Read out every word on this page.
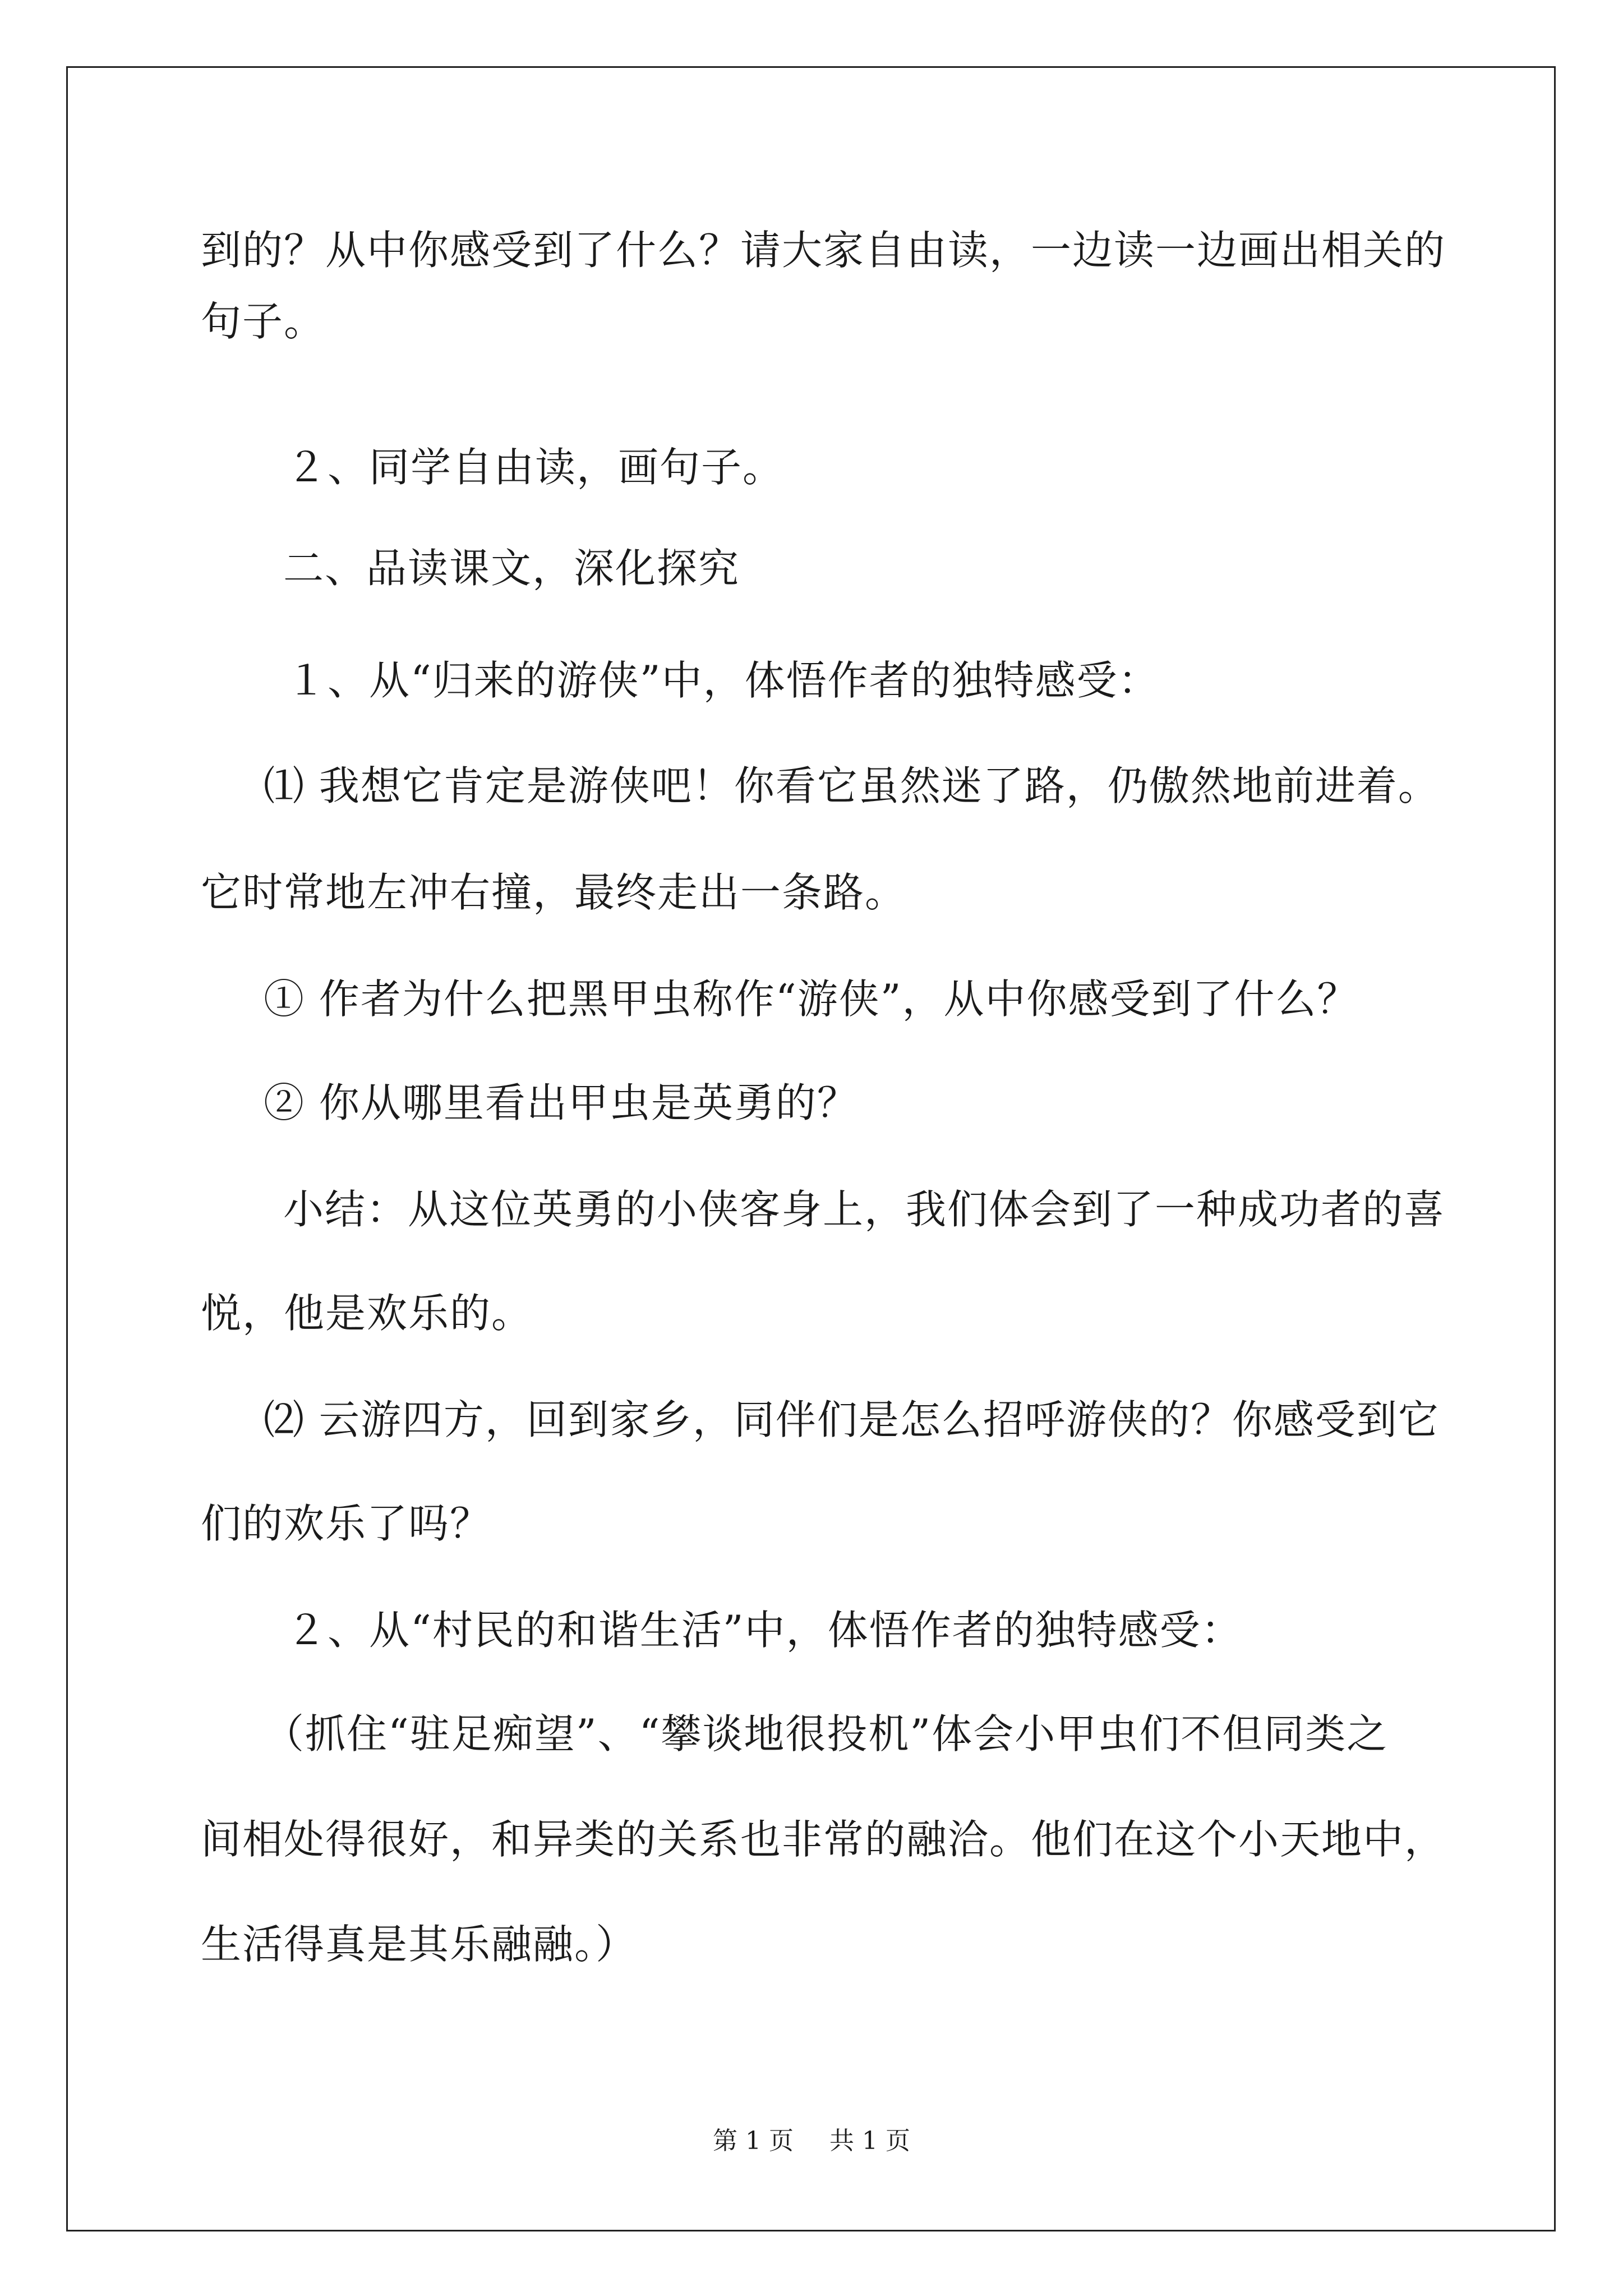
到的？从中你感受到了什么？请大家自由读，一边读一边画出相关的
句子。
２、同学自由读，画句子。
二、品读课文，深化探究
１、从“归来的游侠”中，体悟作者的独特感受：
⑴ 我想它肯定是游侠吧！你看它虽然迷了路，仍傲然地前进着。
它时常地左冲右撞，最终走出一条路。
① 作者为什么把黑甲虫称作“游侠”，从中你感受到了什么？
② 你从哪里看出甲虫是英勇的？
小结：从这位英勇的小侠客身上，我们体会到了一种成功者的喜
悦，他是欢乐的。
⑵ 云游四方，回到家乡，同伴们是怎么招呼游侠的？你感受到它
们的欢乐了吗？
２、从“村民的和谐生活”中，体悟作者的独特感受：
（抓住“驻足痴望”、“攀谈地很投机”体会小甲虫们不但同类之
间相处得很好，和异类的关系也非常的融洽。他们在这个小天地中，
生活得真是其乐融融。）
第 1 页 共 1 页
